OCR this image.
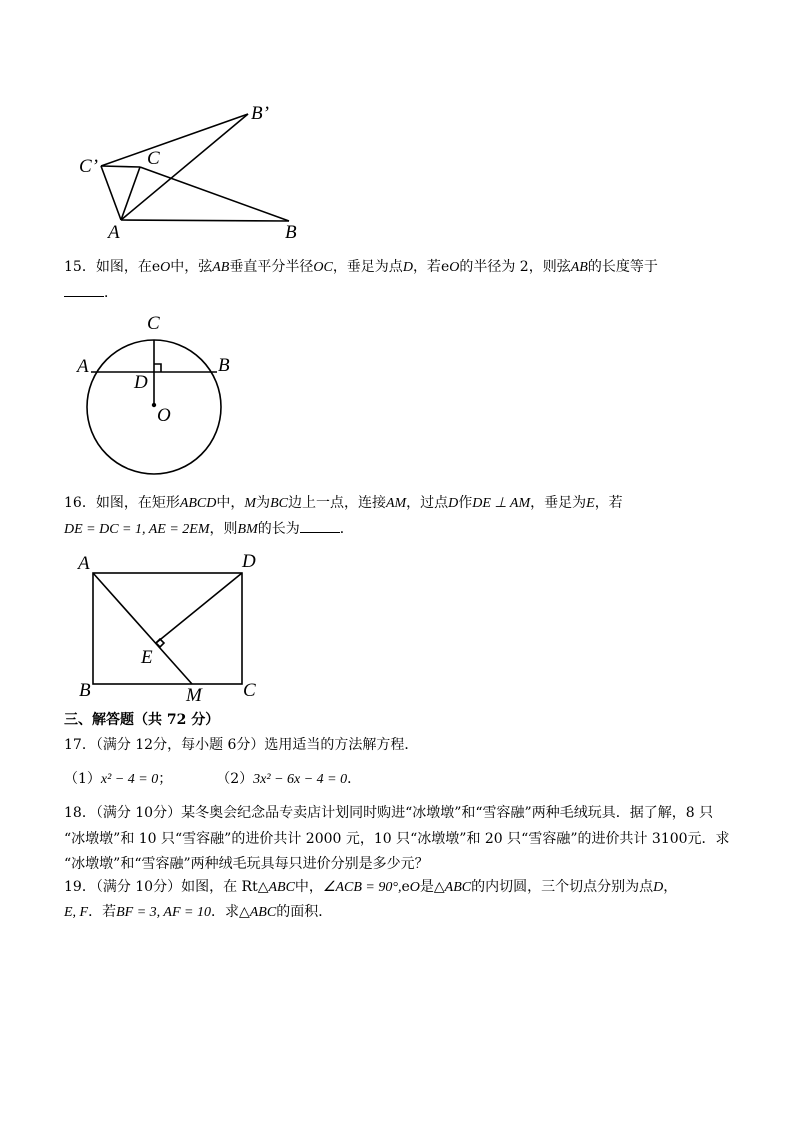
B’
C’	C
A	B
15．如图，在eO中，弦AB垂直平分半径OC，垂足为点D，若eO的半径为 2，则弦AB的长度等于
．
C
A	B
D
O
16．如图，在矩形ABCD中，M为BC边上一点，连接AM，过点D作DE ⊥ AM，垂足为E，若
DE = DC = 1, AE = 2EM，则BM的长为	．
A	D
E
B	M C
三、解答题（共 72 分）
17．（满分 12分，每小题 6分）选用适当的方法解方程．
（1）x² − 4 = 0；	（2）3x² − 6x − 4 = 0．
18．（满分 10分）某冬奥会纪念品专卖店计划同时购进“冰墩墩”和“雪容融”两种毛绒玩具．据了解，8 只
“冰墩墩”和 10 只“雪容融”的进价共计 2000 元，10 只“冰墩墩”和 20 只“雪容融”的进价共计 3100元．求
“冰墩墩”和“雪容融”两种绒毛玩具每只进价分别是多少元？
19．（满分 10分）如图，在 Rt△ABC中，∠ACB = 90°,eO是△ABC的内切圆，三个切点分别为点D，
E, F．若BF = 3, AF = 10．求△ABC的面积．
